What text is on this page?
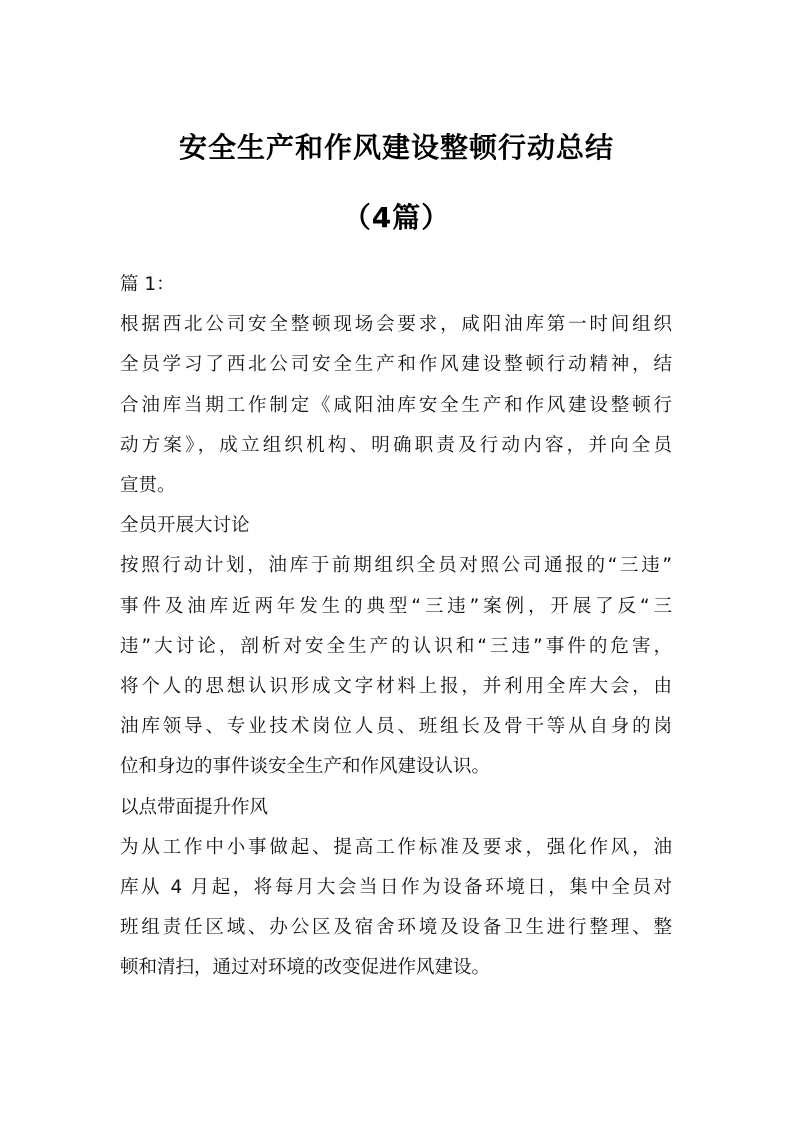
安全生产和作风建设整顿行动总结
（4篇）
篇 1：
根据西北公司安全整顿现场会要求，咸阳油库第一时间组织
全员学习了西北公司安全生产和作风建设整顿行动精神，结
合油库当期工作制定《咸阳油库安全生产和作风建设整顿行
动方案》，成立组织机构、明确职责及行动内容，并向全员
宣贯。
全员开展大讨论
按照行动计划，油库于前期组织全员对照公司通报的“三违”
事件及油库近两年发生的典型“三违”案例，开展了反“三
违”大讨论，剖析对安全生产的认识和“三违”事件的危害，
将个人的思想认识形成文字材料上报，并利用全库大会，由
油库领导、专业技术岗位人员、班组长及骨干等从自身的岗
位和身边的事件谈安全生产和作风建设认识。
以点带面提升作风
为从工作中小事做起、提高工作标准及要求，强化作风，油
库从 4 月起，将每月大会当日作为设备环境日，集中全员对
班组责任区域、办公区及宿舍环境及设备卫生进行整理、整
顿和清扫，通过对环境的改变促进作风建设。
